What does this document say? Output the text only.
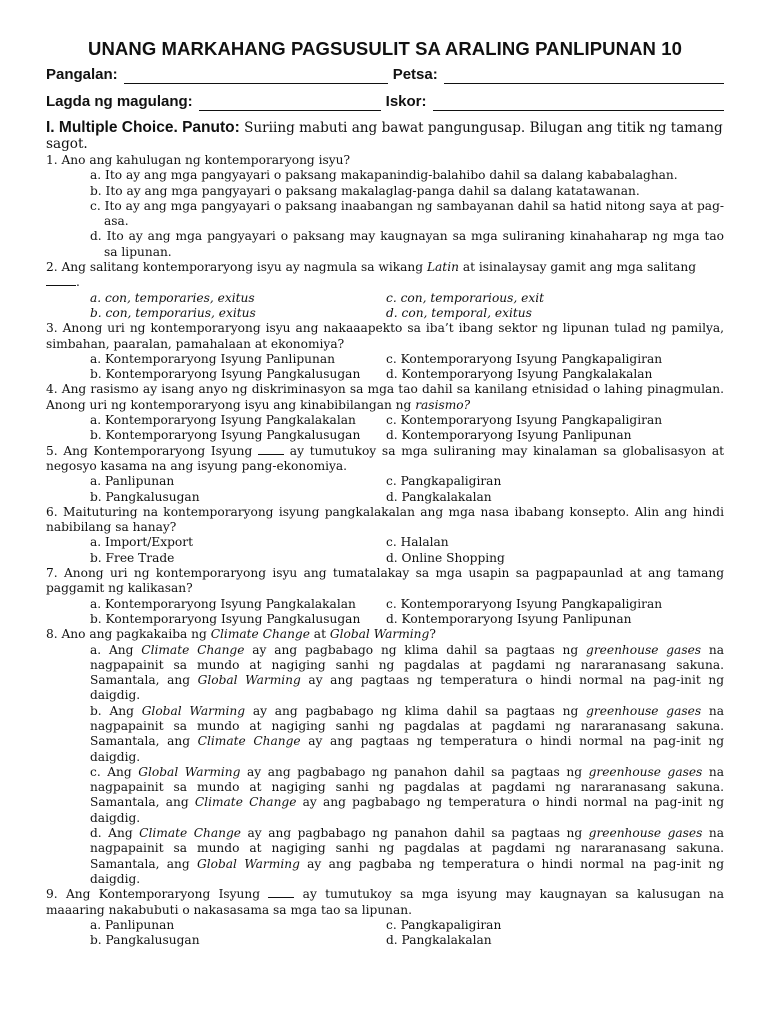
UNANG MARKAHANG PAGSUSULIT SA ARALING PANLIPUNAN 10
Pangalan:	Petsa:
Lagda ng magulang:	Iskor:
I. Multiple Choice. Panuto: Suriing mabuti ang bawat pangungusap. Bilugan ang titik ng tamang sagot.
1. Ano ang kahulugan ng kontemporaryong isyu?
a. Ito ay ang mga pangyayari o paksang makapanindig-balahibo dahil sa dalang kababalaghan.
b. Ito ay ang mga pangyayari o paksang makalaglag-panga dahil sa dalang katatawanan.
c. Ito ay ang mga pangyayari o paksang inaabangan ng sambayanan dahil sa hatid nitong saya at pag-asa.
d. Ito ay ang mga pangyayari o paksang may kaugnayan sa mga suliraning kinahaharap ng mga tao sa lipunan.
2. Ang salitang kontemporaryong isyu ay nagmula sa wikang Latin at isinalaysay gamit ang mga salitang
.
a. con, temporaries, exitus	c. con, temporarious, exit
b. con, temporarius, exitus	d. con, temporal, exitus
3. Anong uri ng kontemporaryong isyu ang nakaaapekto sa iba’t ibang sektor ng lipunan tulad ng pamilya, simbahan, paaralan, pamahalaan at ekonomiya?
a. Kontemporaryong Isyung Panlipunan	c. Kontemporaryong Isyung Pangkapaligiran
b. Kontemporaryong Isyung Pangkalusugan	d. Kontemporaryong Isyung Pangkalakalan
4. Ang rasismo ay isang anyo ng diskriminasyon sa mga tao dahil sa kanilang etnisidad o lahing pinagmulan. Anong uri ng kontemporaryong isyu ang kinabibilangan ng rasismo?
a. Kontemporaryong Isyung Pangkalakalan	c. Kontemporaryong Isyung Pangkapaligiran
b. Kontemporaryong Isyung Pangkalusugan	d. Kontemporaryong Isyung Panlipunan
5. Ang Kontemporaryong Isyung  ay tumutukoy sa mga suliraning may kinalaman sa globalisasyon at negosyo kasama na ang isyung pang-ekonomiya.
a. Panlipunan	c. Pangkapaligiran
b. Pangkalusugan	d. Pangkalakalan
6. Maituturing na kontemporaryong isyung pangkalakalan ang mga nasa ibabang konsepto. Alin ang hindi nabibilang sa hanay?
a. Import/Export	c. Halalan
b. Free Trade	d. Online Shopping
7. Anong uri ng kontemporaryong isyu ang tumatalakay sa mga usapin sa pagpapaunlad at ang tamang paggamit ng kalikasan?
a. Kontemporaryong Isyung Pangkalakalan	c. Kontemporaryong Isyung Pangkapaligiran
b. Kontemporaryong Isyung Pangkalusugan	d. Kontemporaryong Isyung Panlipunan
8. Ano ang pagkakaiba ng Climate Change at Global Warming?
a. Ang Climate Change ay ang pagbabago ng klima dahil sa pagtaas ng greenhouse gases na nagpapainit sa mundo at nagiging sanhi ng pagdalas at pagdami ng nararanasang sakuna. Samantala, ang Global Warming ay ang pagtaas ng temperatura o hindi normal na pag-init ng daigdig.
b. Ang Global Warming ay ang pagbabago ng klima dahil sa pagtaas ng greenhouse gases na nagpapainit sa mundo at nagiging sanhi ng pagdalas at pagdami ng nararanasang sakuna. Samantala, ang Climate Change ay ang pagtaas ng temperatura o hindi normal na pag-init ng daigdig.
c. Ang Global Warming ay ang pagbabago ng panahon dahil sa pagtaas ng greenhouse gases na nagpapainit sa mundo at nagiging sanhi ng pagdalas at pagdami ng nararanasang sakuna. Samantala, ang Climate Change ay ang pagbabago ng temperatura o hindi normal na pag-init ng daigdig.
d. Ang Climate Change ay ang pagbabago ng panahon dahil sa pagtaas ng greenhouse gases na nagpapainit sa mundo at nagiging sanhi ng pagdalas at pagdami ng nararanasang sakuna. Samantala, ang Global Warming ay ang pagbaba ng temperatura o hindi normal na pag-init ng daigdig.
9. Ang Kontemporaryong Isyung  ay tumutukoy sa mga isyung may kaugnayan sa kalusugan na maaaring nakabubuti o nakasasama sa mga tao sa lipunan.
a. Panlipunan	c. Pangkapaligiran
b. Pangkalusugan	d. Pangkalakalan
